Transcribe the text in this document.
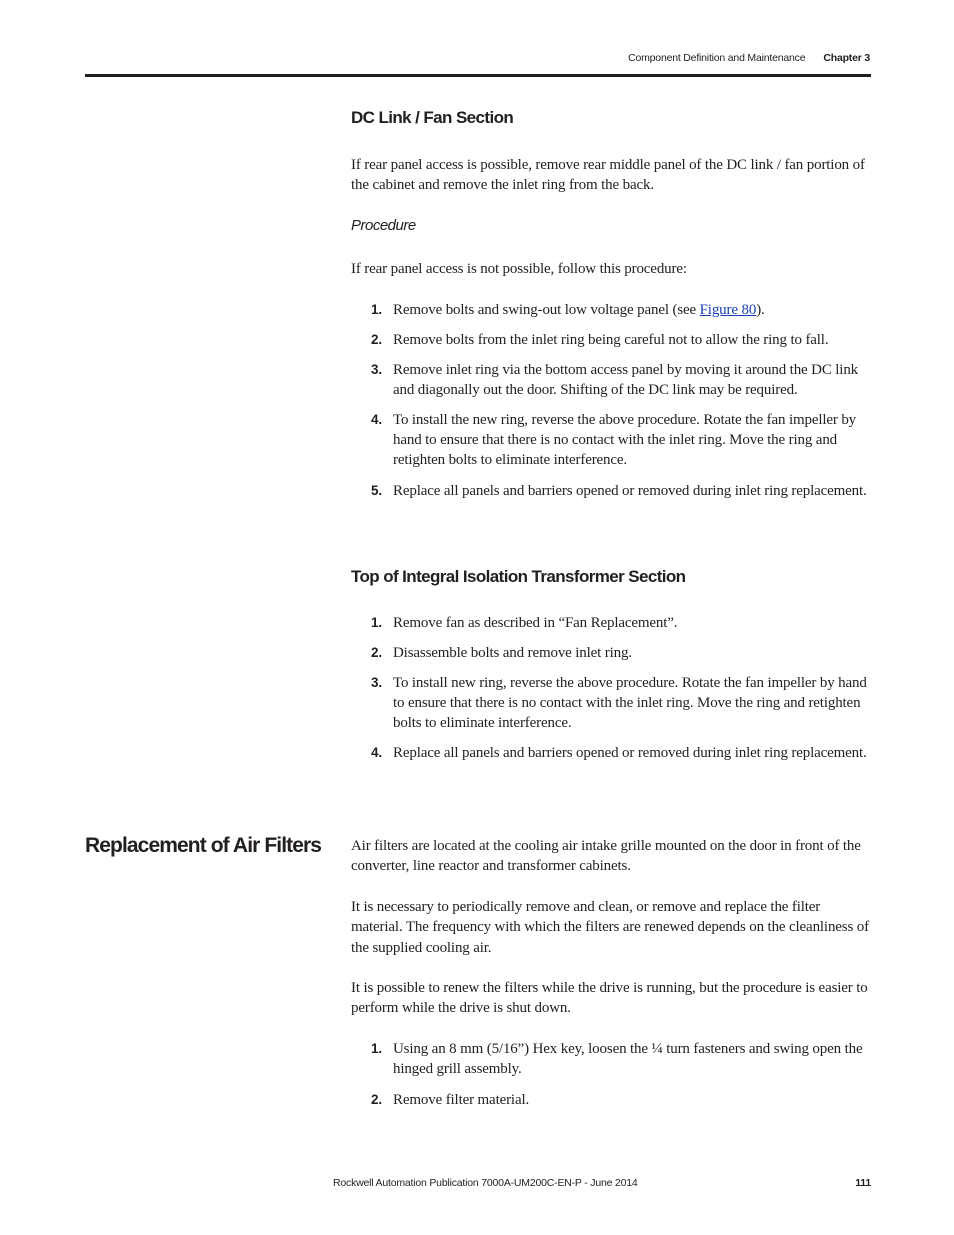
Component Definition and Maintenance Chapter 3
DC Link / Fan Section

If rear panel access is possible, remove rear middle panel of the DC link / fan portion of the cabinet and remove the inlet ring from the back.

Procedure

If rear panel access is not possible, follow this procedure:

1. Remove bolts and swing-out low voltage panel (see Figure 80).
2. Remove bolts from the inlet ring being careful not to allow the ring to fall.
3. Remove inlet ring via the bottom access panel by moving it around the DC link and diagonally out the door. Shifting of the DC link may be required.
4. To install the new ring, reverse the above procedure. Rotate the fan impeller by hand to ensure that there is no contact with the inlet ring. Move the ring and retighten bolts to eliminate interference.
5. Replace all panels and barriers opened or removed during inlet ring replacement.
Top of Integral Isolation Transformer Section
1. Remove fan as described in “Fan Replacement”.
2. Disassemble bolts and remove inlet ring.
3. To install new ring, reverse the above procedure. Rotate the fan impeller by hand to ensure that there is no contact with the inlet ring. Move the ring and retighten bolts to eliminate interference.
4. Replace all panels and barriers opened or removed during inlet ring replacement.
Replacement of Air Filters Air filters are located at the cooling air intake grille mounted on the door in front of the converter, line reactor and transformer cabinets.

It is necessary to periodically remove and clean, or remove and replace the filter material. The frequency with which the filters are renewed depends on the cleanliness of the supplied cooling air.

It is possible to renew the filters while the drive is running, but the procedure is easier to perform while the drive is shut down.

1. Using an 8 mm (5/16”) Hex key, loosen the ¼ turn fasteners and swing open the hinged grill assembly.
2. Remove filter material.
Rockwell Automation Publication 7000A-UM200C-EN-P - June 2014	111
